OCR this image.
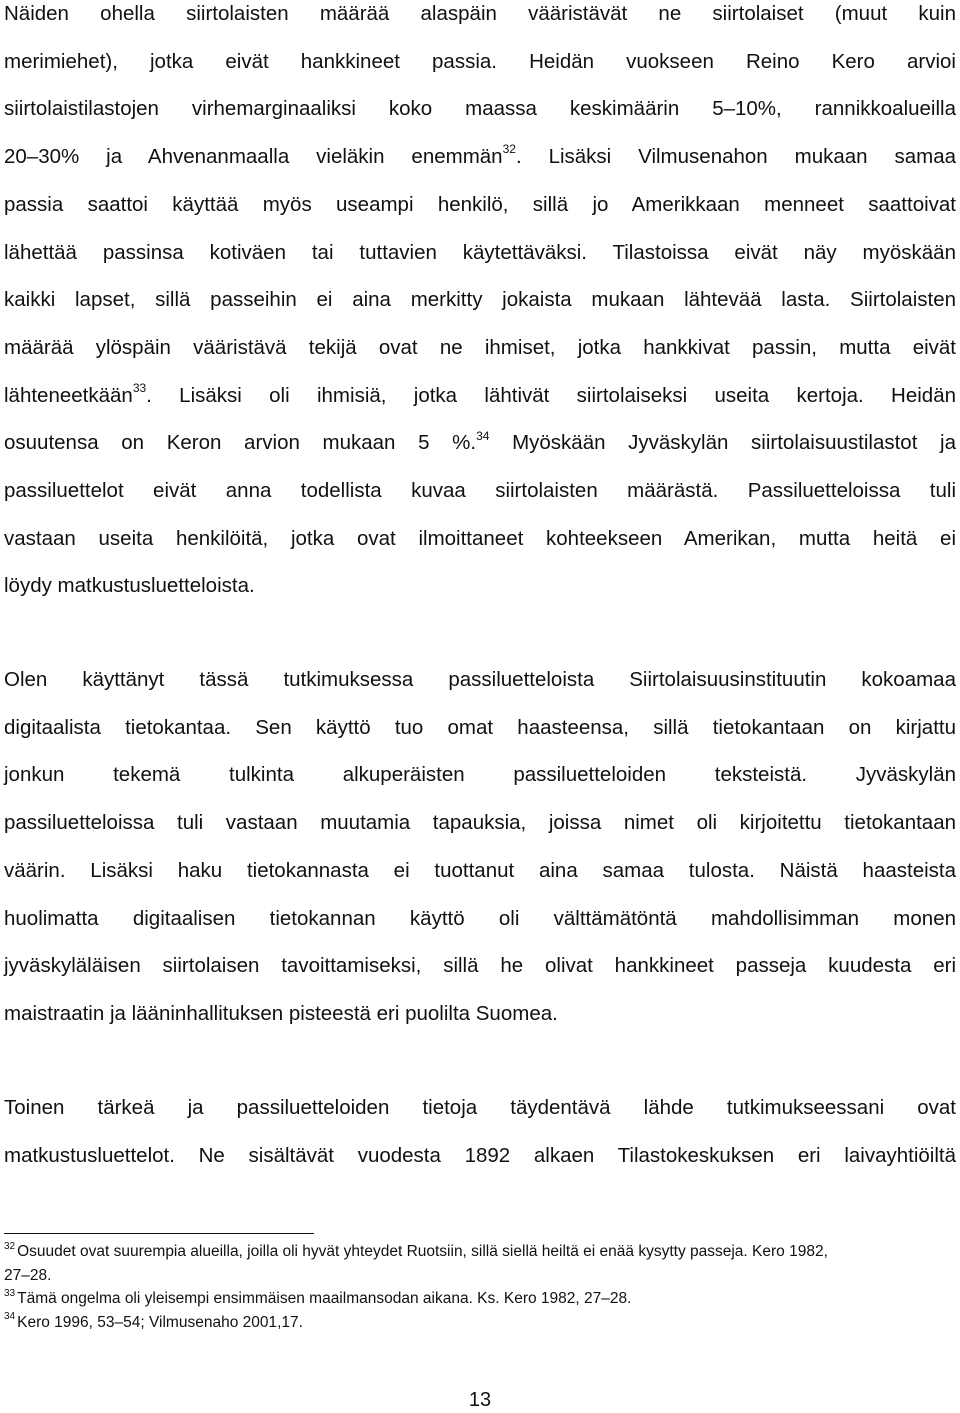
Näiden ohella siirtolaisten määrää alaspäin vääristävät ne siirtolaiset (muut kuin
merimiehet), jotka eivät hankkineet passia. Heidän vuokseen Reino Kero arvioi
siirtolaistilastojen virhemarginaaliksi koko maassa keskimäärin 5–10%, rannikkoalueilla
20–30% ja Ahvenanmaalla vieläkin enemmän$^{32}$. Lisäksi Vilmusenahon mukaan samaa
passia saattoi käyttää myös useampi henkilö, sillä jo Amerikkaan menneet saattoivat
lähettää passinsa kotiväen tai tuttavien käytettäväksi. Tilastoissa eivät näy myöskään
kaikki lapset, sillä passeihin ei aina merkitty jokaista mukaan lähtevää lasta. Siirtolaisten
määrää ylöspäin vääristävä tekijä ovat ne ihmiset, jotka hankkivat passin, mutta eivät
lähteneetkään$^{33}$. Lisäksi oli ihmisiä, jotka lähtivät siirtolaiseksi useita kertoja. Heidän
osuutensa on Keron arvion mukaan 5 %.$^{34}$ Myöskään Jyväskylän siirtolaisuustilastot ja
passiluettelot eivät anna todellista kuvaa siirtolaisten määrästä. Passiluetteloissa tuli
vastaan useita henkilöitä, jotka ovat ilmoittaneet kohteekseen Amerikan, mutta heitä ei
löydy matkustusluetteloista.
Olen käyttänyt tässä tutkimuksessa passiluetteloista Siirtolaisuusinstituutin kokoamaa
digitaalista tietokantaa. Sen käyttö tuo omat haasteensa, sillä tietokantaan on kirjattu
jonkun tekemä tulkinta alkuperäisten passiluetteloiden teksteistä. Jyväskylän
passiluetteloissa tuli vastaan muutamia tapauksia, joissa nimet oli kirjoitettu tietokantaan
väärin. Lisäksi haku tietokannasta ei tuottanut aina samaa tulosta. Näistä haasteista
huolimatta digitaalisen tietokannan käyttö oli välttämätöntä mahdollisimman monen
jyväskyläläisen siirtolaisen tavoittamiseksi, sillä he olivat hankkineet passeja kuudesta eri
maistraatin ja lääninhallituksen pisteestä eri puolilta Suomea.
Toinen tärkeä ja passiluetteloiden tietoja täydentävä lähde tutkimukseessani ovat
matkustusluettelot. Ne sisältävät vuodesta 1892 alkaen Tilastokeskuksen eri laivayhtiöiltä
$^{32}$ Osuudet ovat suurempia alueilla, joilla oli hyvät yhteydet Ruotsiin, sillä siellä heiltä ei enää kysytty passeja. Kero 1982,
27–28.
$^{33}$ Tämä ongelma oli yleisempi ensimmäisen maailmansodan aikana. Ks. Kero 1982, 27–28.
$^{34}$ Kero 1996, 53–54; Vilmusenaho 2001,17.
13
